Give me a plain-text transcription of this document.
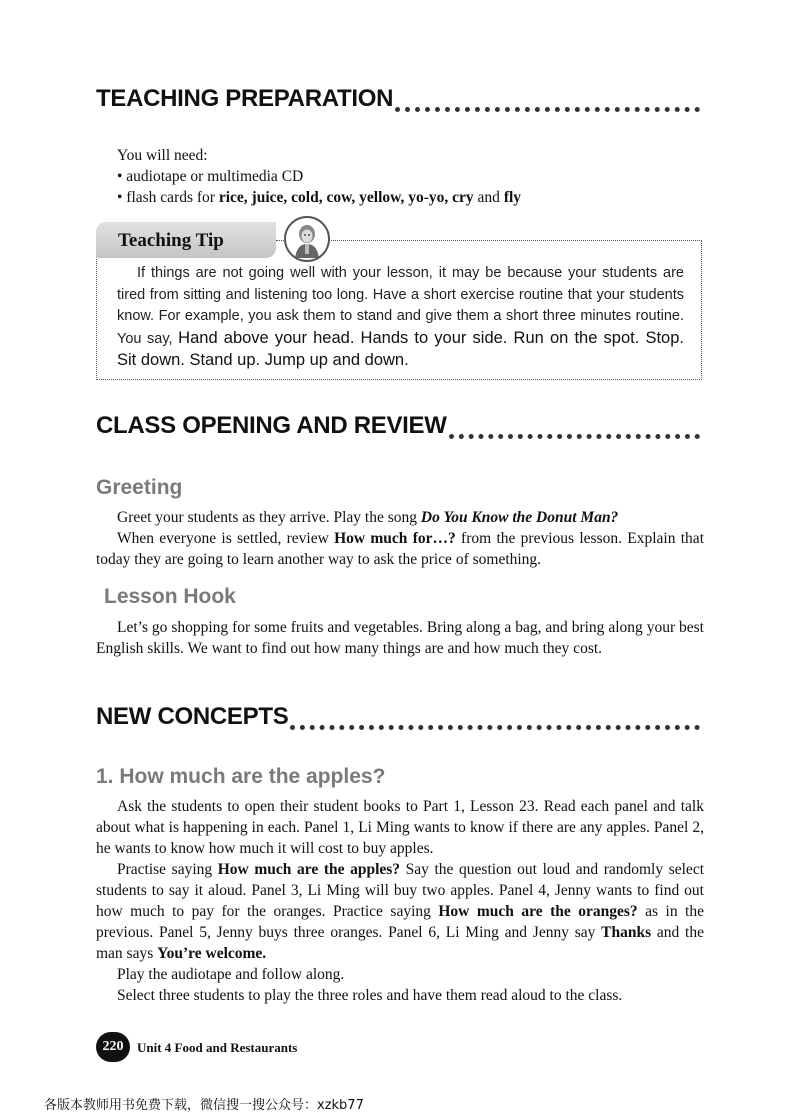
TEACHING PREPARATION

You will need:

• audiotape or multimedia CD

• flash cards for rice, juice, cold, cow, yellow, yo-yo, cry and fly

Teaching Tip
If things are not going well with your lesson, it may be because your students are tired from sitting and listening too long. Have a short exercise routine that your students know. For example, you ask them to stand and give them a short three minutes routine. You say, Hand above your head. Hands to your side. Run on the spot. Stop. Sit down. Stand up. Jump up and down.
CLASS OPENING AND REVIEW
Greeting

Greet your students as they arrive. Play the song Do You Know the Donut Man?

When everyone is settled, review How much for…? from the previous lesson. Explain that today they are going to learn another way to ask the price of something.

Lesson Hook

Let’s go shopping for some fruits and vegetables. Bring along a bag, and bring along your best English skills. We want to find out how many things are and how much they cost.

NEW CONCEPTS
1. How much are the apples?

Ask the students to open their student books to Part 1, Lesson 23. Read each panel and talk about what is happening in each. Panel 1, Li Ming wants to know if there are any apples. Panel 2, he wants to know how much it will cost to buy apples.

Practise saying How much are the apples? Say the question out loud and randomly select students to say it aloud. Panel 3, Li Ming will buy two apples. Panel 4, Jenny wants to find out how much to pay for the oranges. Practice saying How much are the oranges? as in the previous. Panel 5, Jenny buys three oranges. Panel 6, Li Ming and Jenny say Thanks and the man says You’re welcome.

Play the audiotape and follow along.

Select three students to play the three roles and have them read aloud to the class.

220	Unit 4 Food and Restaurants
各版本教师用书免费下载，微信搜一搜公众号：xzkb77
